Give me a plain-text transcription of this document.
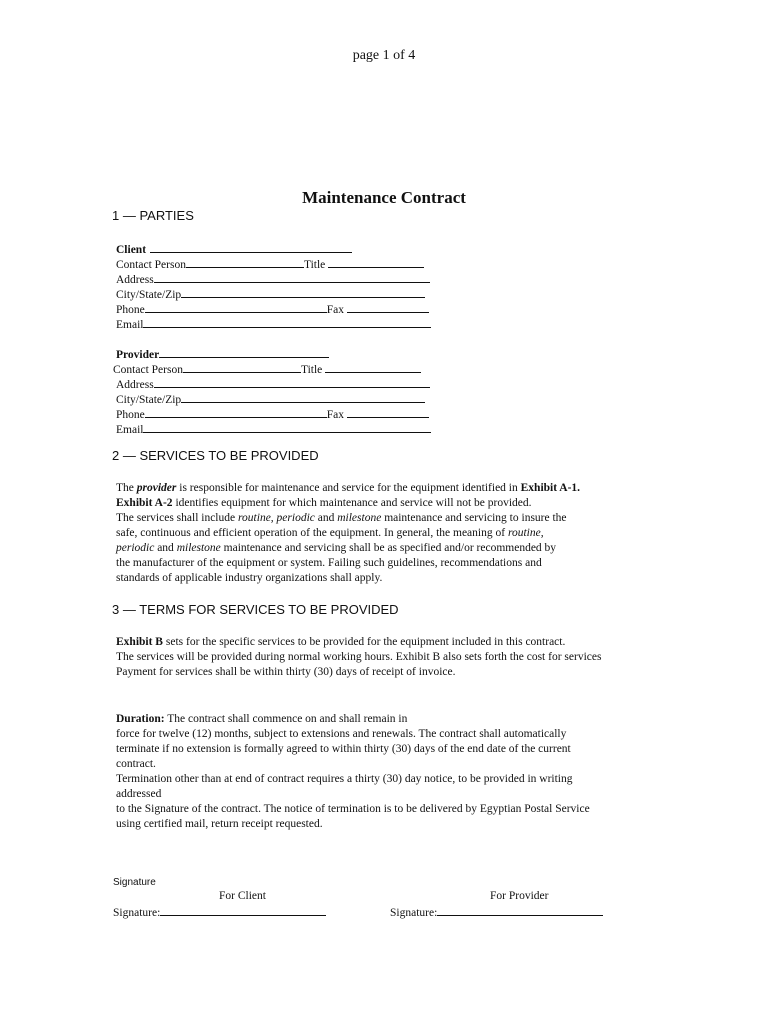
page 1 of 4
Maintenance Contract
1 — PARTIES
Client
Contact Person	Title
Address
City/State/Zip
Phone	Fax
Email
Provider
Contact Person	Title
Address
City/State/Zip
Phone	Fax
Email
2 — SERVICES TO BE PROVIDED
The provider is responsible for maintenance and service for the equipment identified in Exhibit A-1.
Exhibit A-2 identifies equipment for which maintenance and service will not be provided.
The services shall include routine, periodic and milestone maintenance and servicing to insure the
safe, continuous and efficient operation of the equipment. In general, the meaning of routine,
periodic and milestone maintenance and servicing shall be as specified and/or recommended by
the manufacturer of the equipment or system. Failing such guidelines, recommendations and
standards of applicable industry organizations shall apply.
3 — TERMS FOR SERVICES TO BE PROVIDED
Exhibit B sets for the specific services to be provided for the equipment included in this contract.
The services will be provided during normal working hours. Exhibit B also sets forth the cost for services
Payment for services shall be within thirty (30) days of receipt of invoice.
Duration: The contract shall commence on and shall remain in
force for twelve (12) months, subject to extensions and renewals. The contract shall automatically
terminate if no extension is formally agreed to within thirty (30) days of the end date of the current
contract.
Termination other than at end of contract requires a thirty (30) day notice, to be provided in writing
addressed
to the Signature of the contract. The notice of termination is to be delivered by Egyptian Postal Service
using certified mail, return receipt requested.
Signature
For Client	For Provider
Signature:	Signature:
